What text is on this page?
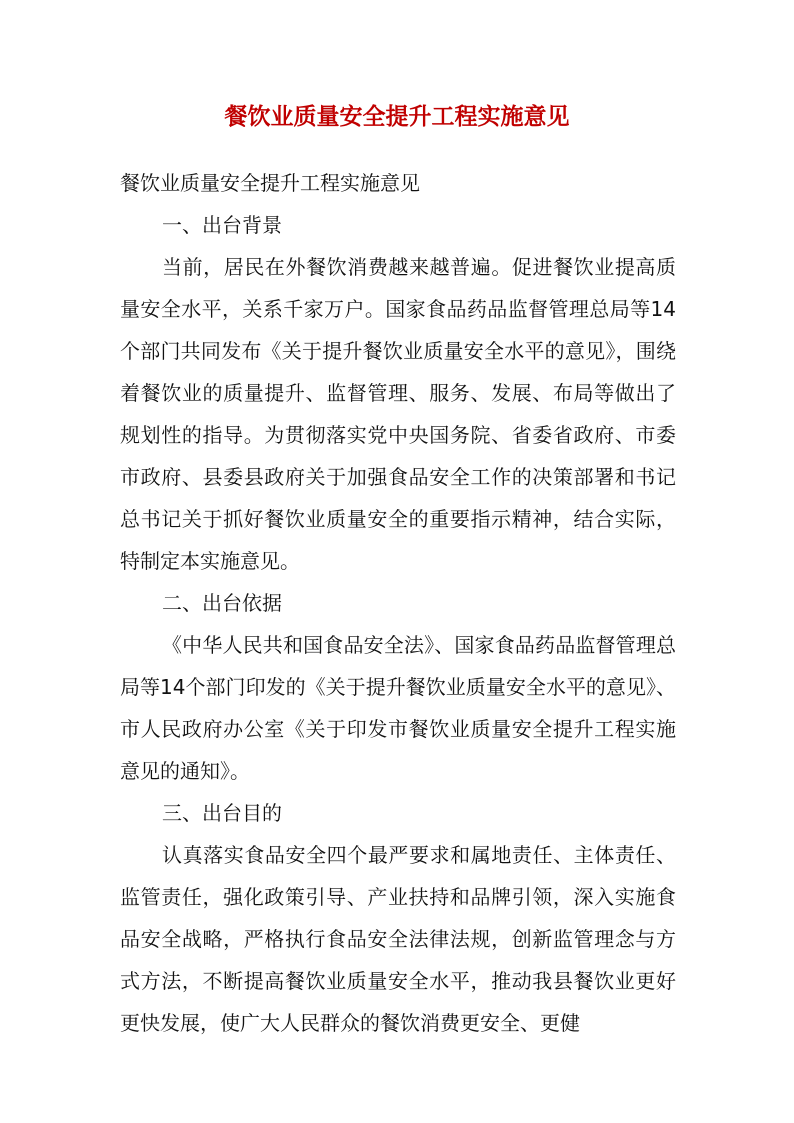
餐饮业质量安全提升工程实施意见

餐饮业质量安全提升工程实施意见

一、出台背景

当前，居民在外餐饮消费越来越普遍。促进餐饮业提高质量安全水平，关系千家万户。国家食品药品监督管理总局等14个部门共同发布《关于提升餐饮业质量安全水平的意见》，围绕着餐饮业的质量提升、监督管理、服务、发展、布局等做出了规划性的指导。为贯彻落实党中央国务院、省委省政府、市委市政府、县委县政府关于加强食品安全工作的决策部署和书记总书记关于抓好餐饮业质量安全的重要指示精神，结合实际，特制定本实施意见。

二、出台依据

《中华人民共和国食品安全法》、国家食品药品监督管理总局等14个部门印发的《关于提升餐饮业质量安全水平的意见》、市人民政府办公室《关于印发市餐饮业质量安全提升工程实施意见的通知》。

三、出台目的

认真落实食品安全四个最严要求和属地责任、主体责任、监管责任，强化政策引导、产业扶持和品牌引领，深入实施食品安全战略，严格执行食品安全法律法规，创新监管理念与方式方法，不断提高餐饮业质量安全水平，推动我县餐饮业更好更快发展，使广大人民群众的餐饮消费更安全、更健
